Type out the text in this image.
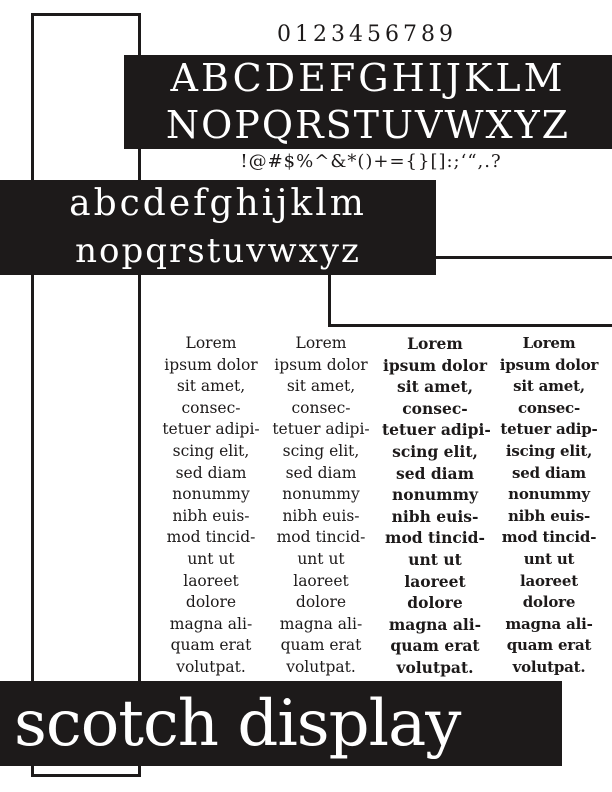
0123456789
ABCDEFGHIJKLM
NOPQRSTUVWXYZ
!@#$%^&*()+={}[]:;‘“,.?
abcdefghijklm
nopqrstuvwxyz
Lorem
ipsum dolor
sit amet,
consec-
tetuer adipi-
scing elit,
sed diam
nonummy
nibh euis-
mod tincid-
unt ut
laoreet
dolore
magna ali-
quam erat
volutpat.
Lorem
ipsum dolor
sit amet,
consec-
tetuer adipi-
scing elit,
sed diam
nonummy
nibh euis-
mod tincid-
unt ut
laoreet
dolore
magna ali-
quam erat
volutpat.
Lorem
ipsum dolor
sit amet,
consec-
tetuer adipi-
scing elit,
sed diam
nonummy
nibh euis-
mod tincid-
unt ut
laoreet
dolore
magna ali-
quam erat
volutpat.
Lorem
ipsum dolor
sit amet,
consec-
tetuer adip-
iscing elit,
sed diam
nonummy
nibh euis-
mod tincid-
unt ut
laoreet
dolore
magna ali-
quam erat
volutpat.
scotch display
